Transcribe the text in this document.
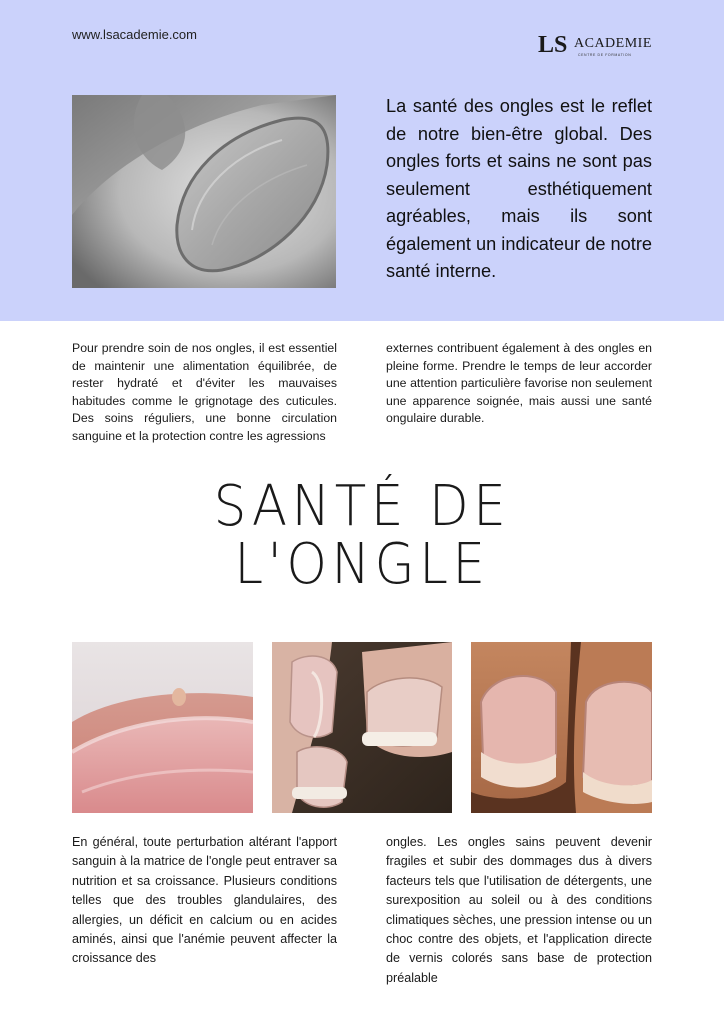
www.lsacademie.com	LS ACADEMIE
CENTRE DE FORMATION
La santé des ongles est le reflet de notre bien-être global. Des ongles forts et sains ne sont pas seulement esthétiquement agréables, mais ils sont également un indicateur de notre santé interne.
Pour prendre soin de nos ongles, il est essentiel de maintenir une alimentation équilibrée, de rester hydraté et d'éviter les mauvaises habitudes comme le grignotage des cuticules. Des soins réguliers, une bonne circulation sanguine et la protection contre les agressions
externes contribuent également à des ongles en pleine forme. Prendre le temps de leur accorder une attention particulière favorise non seulement une apparence soignée, mais aussi une santé ongulaire durable.
SANTÉ DE
L'ONGLE
En général, toute perturbation altérant l'apport sanguin à la matrice de l'ongle peut entraver sa nutrition et sa croissance. Plusieurs conditions telles que des troubles glandulaires, des allergies, un déficit en calcium ou en acides aminés, ainsi que l'anémie peuvent affecter la croissance des
ongles. Les ongles sains peuvent devenir fragiles et subir des dommages dus à divers facteurs tels que l'utilisation de détergents, une surexposition au soleil ou à des conditions climatiques sèches, une pression intense ou un choc contre des objets, et l'application directe de vernis colorés sans base de protection préalable
